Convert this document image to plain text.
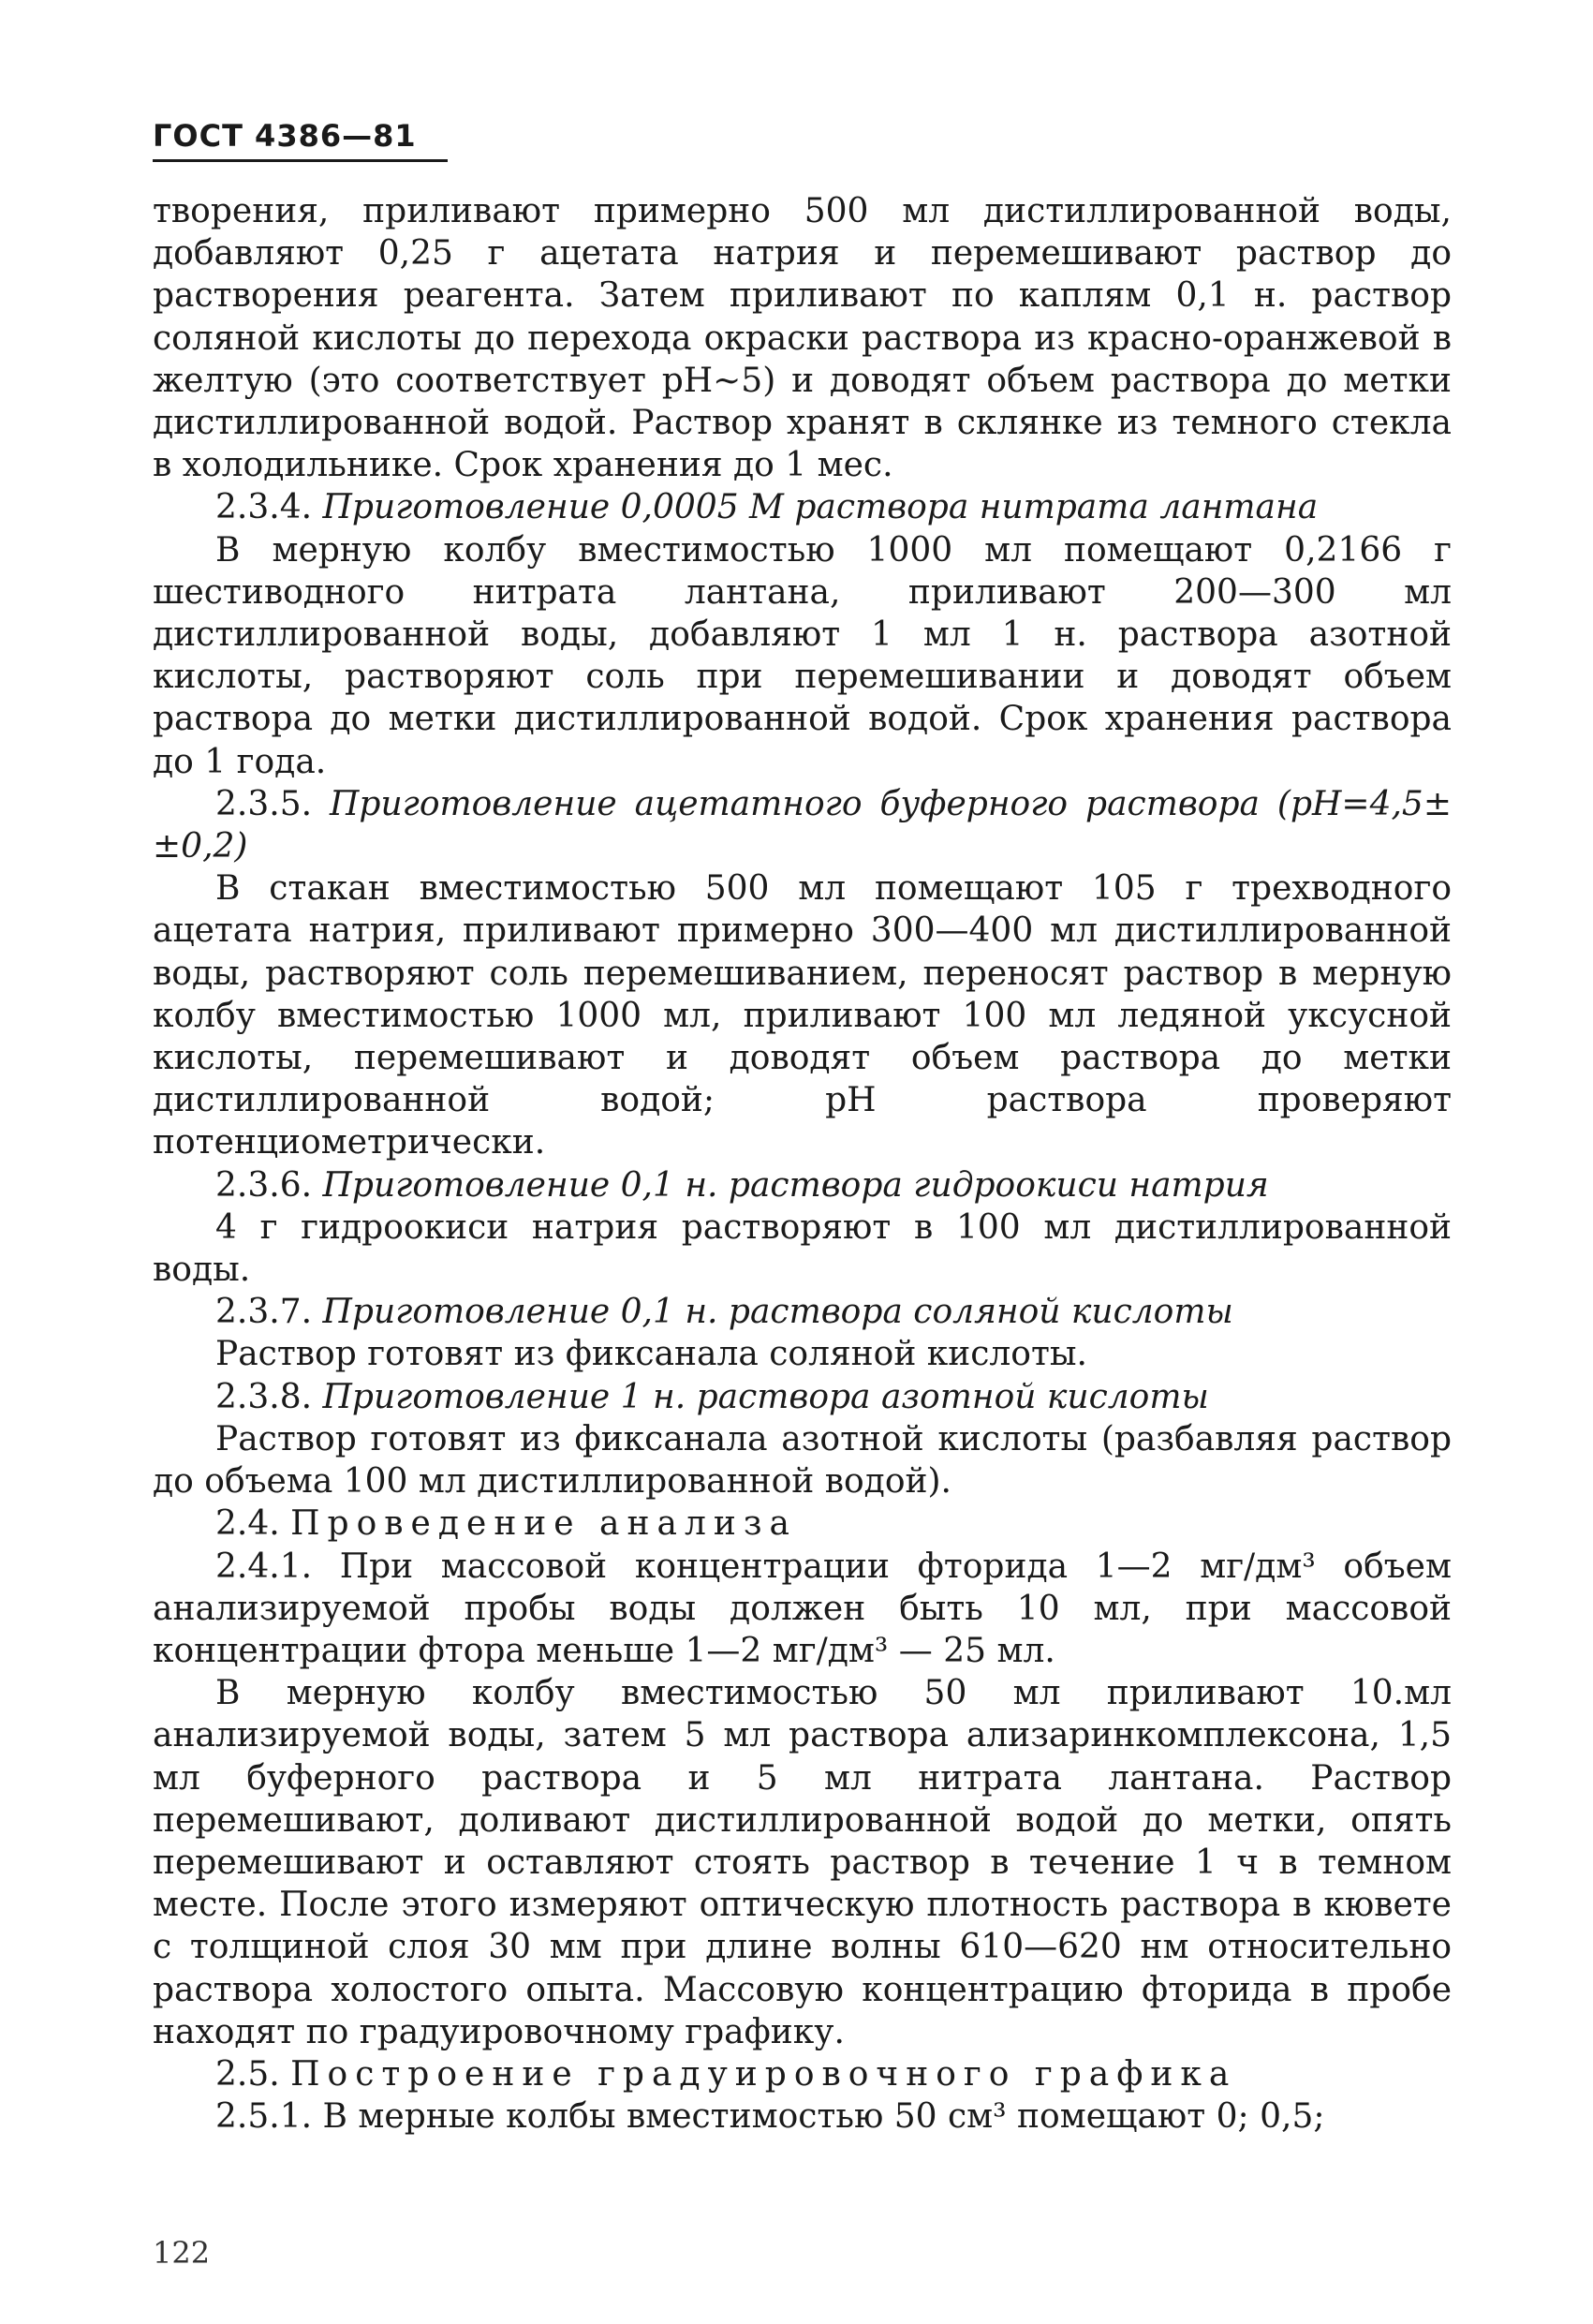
ГОСТ 4386—81

творения, приливают примерно 500 мл дистиллированной воды, добавляют 0,25 г ацетата натрия и перемешивают раствор до растворения реагента. Затем приливают по каплям 0,1 н. раствор соляной кислоты до перехода окраски раствора из красно-оранжевой в желтую (это соответствует pH∼5) и доводят объем раствора до метки дистиллированной водой. Раствор хранят в склянке из темного стекла в холодильнике. Срок хранения до 1 мес.

2.3.4. Приготовление 0,0005 М раствора нитрата лантана

В мерную колбу вместимостью 1000 мл помещают 0,2166 г шестиводного нитрата лантана, приливают 200—300 мл дистиллированной воды, добавляют 1 мл 1 н. раствора азотной кислоты, растворяют соль при перемешивании и доводят объем раствора до метки дистиллированной водой. Срок хранения раствора до 1 года.

2.3.5. Приготовление ацетатного буферного раствора (pH=4,5± ±0,2)

В стакан вместимостью 500 мл помещают 105 г трехводного ацетата натрия, приливают примерно 300—400 мл дистиллированной воды, растворяют соль перемешиванием, переносят раствор в мерную колбу вместимостью 1000 мл, приливают 100 мл ледяной уксусной кислоты, перемешивают и доводят объем раствора до метки дистиллированной водой; pH раствора проверяют потенциометрически.

2.3.6. Приготовление 0,1 н. раствора гидроокиси натрия

4 г гидроокиси натрия растворяют в 100 мл дистиллированной воды.

2.3.7. Приготовление 0,1 н. раствора соляной кислоты

Раствор готовят из фиксанала соляной кислоты.

2.3.8. Приготовление 1 н. раствора азотной кислоты

Раствор готовят из фиксанала азотной кислоты (разбавляя раствор до объема 100 мл дистиллированной водой).

2.4. Проведение анализа

2.4.1. При массовой концентрации фторида 1—2 мг/дм³ объем анализируемой пробы воды должен быть 10 мл, при массовой концентрации фтора меньше 1—2 мг/дм³ — 25 мл.

В мерную колбу вместимостью 50 мл приливают 10.мл анализируемой воды, затем 5 мл раствора ализаринкомплексона, 1,5 мл буферного раствора и 5 мл нитрата лантана. Раствор перемешивают, доливают дистиллированной водой до метки, опять перемешивают и оставляют стоять раствор в течение 1 ч в темном месте. После этого измеряют оптическую плотность раствора в кювете с толщиной слоя 30 мм при длине волны 610—620 нм относительно раствора холостого опыта. Массовую концентрацию фторида в пробе находят по градуировочному графику.

2.5. Построение градуировочного графика

2.5.1. В мерные колбы вместимостью 50 см³ помещают 0; 0,5;

122
